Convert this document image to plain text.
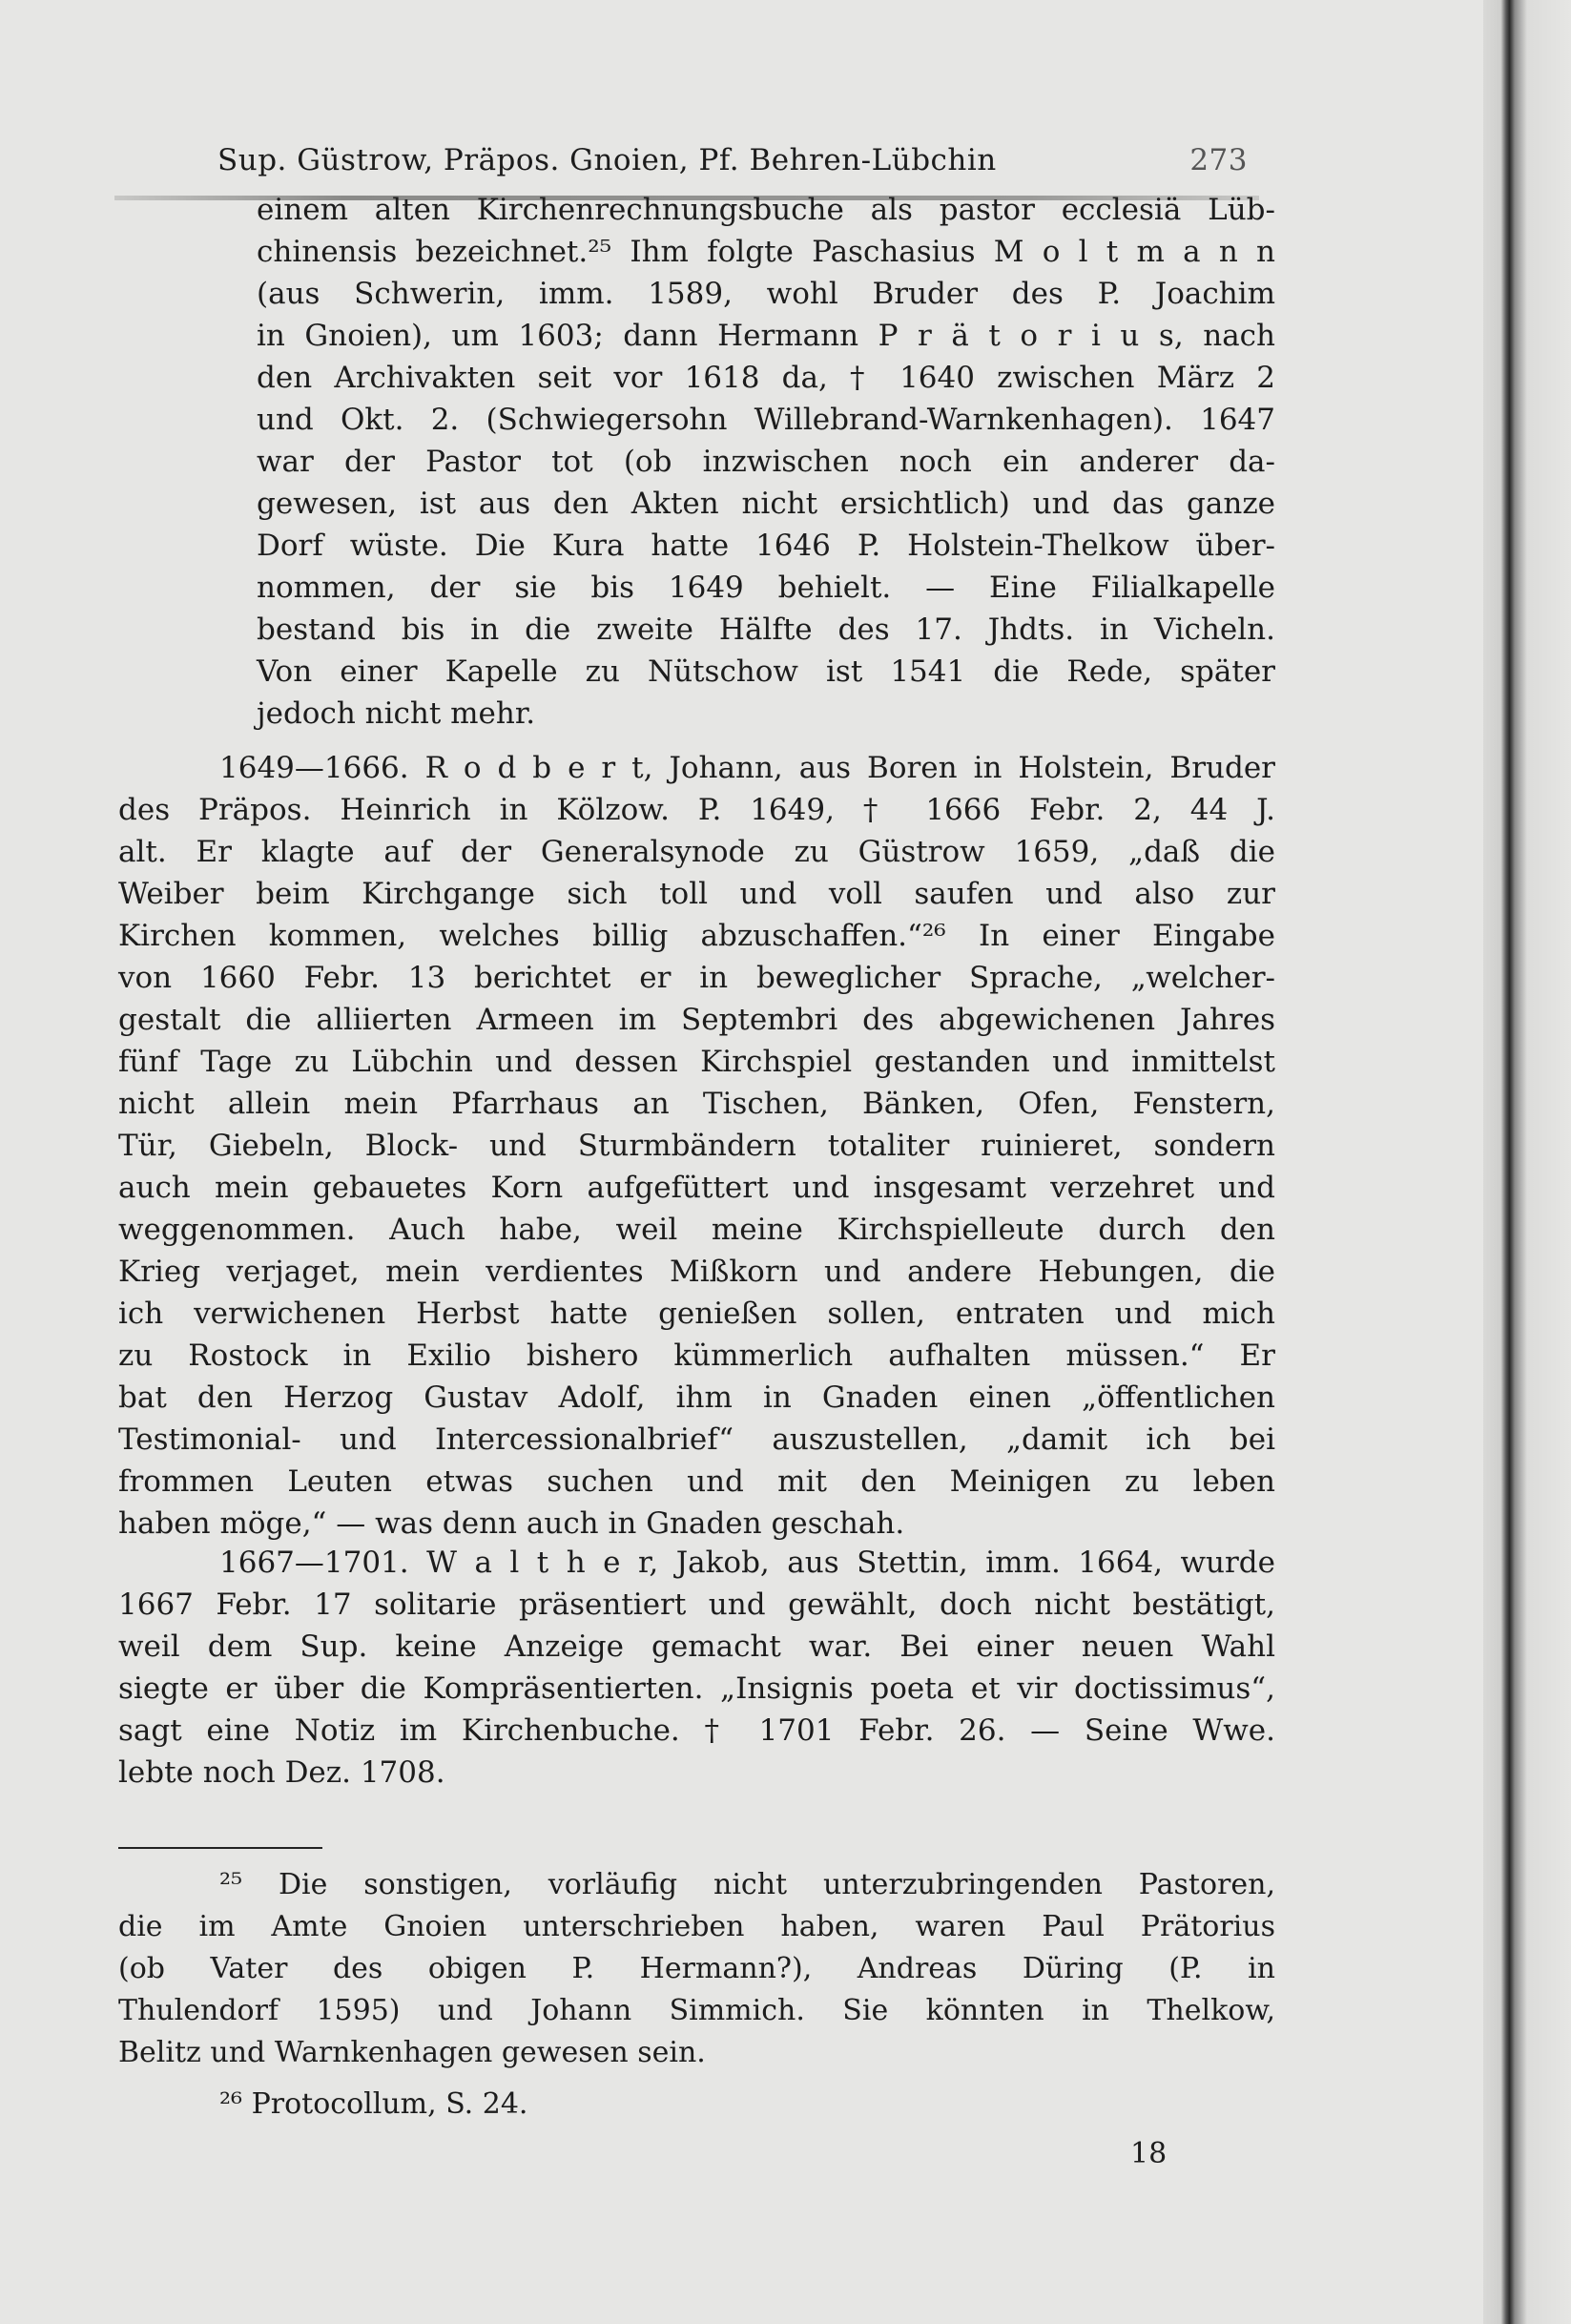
Sup. Güstrow, Präpos. Gnoien, Pf. Behren-Lübchin	273
einem alten Kirchenrechnungsbuche als pastor ecclesiä Lüb-
chinensis bezeichnet.²⁵ Ihm folgte Paschasius M o l t m a n n
(aus Schwerin, imm. 1589, wohl Bruder des P. Joachim
in Gnoien), um 1603; dann Hermann P r ä t o r i u s, nach
den Archivakten seit vor 1618 da, † 1640 zwischen März 2
und Okt. 2. (Schwiegersohn Willebrand-Warnkenhagen). 1647
war der Pastor tot (ob inzwischen noch ein anderer da-
gewesen, ist aus den Akten nicht ersichtlich) und das ganze
Dorf wüste. Die Kura hatte 1646 P. Holstein-Thelkow über-
nommen, der sie bis 1649 behielt. — Eine Filialkapelle
bestand bis in die zweite Hälfte des 17. Jhdts. in Vicheln.
Von einer Kapelle zu Nütschow ist 1541 die Rede, später
jedoch nicht mehr.
1649—1666. R o d b e r t, Johann, aus Boren in Holstein, Bruder
des Präpos. Heinrich in Kölzow. P. 1649, † 1666 Febr. 2, 44 J.
alt. Er klagte auf der Generalsynode zu Güstrow 1659, „daß die
Weiber beim Kirchgange sich toll und voll saufen und also zur
Kirchen kommen, welches billig abzuschaffen.“²⁶ In einer Eingabe
von 1660 Febr. 13 berichtet er in beweglicher Sprache, „welcher-
gestalt die alliierten Armeen im Septembri des abgewichenen Jahres
fünf Tage zu Lübchin und dessen Kirchspiel gestanden und inmittelst
nicht allein mein Pfarrhaus an Tischen, Bänken, Ofen, Fenstern,
Tür, Giebeln, Block- und Sturmbändern totaliter ruinieret, sondern
auch mein gebauetes Korn aufgefüttert und insgesamt verzehret und
weggenommen. Auch habe, weil meine Kirchspielleute durch den
Krieg verjaget, mein verdientes Mißkorn und andere Hebungen, die
ich verwichenen Herbst hatte genießen sollen, entraten und mich
zu Rostock in Exilio bishero kümmerlich aufhalten müssen.“ Er
bat den Herzog Gustav Adolf, ihm in Gnaden einen „öffentlichen
Testimonial- und Intercessionalbrief“ auszustellen, „damit ich bei
frommen Leuten etwas suchen und mit den Meinigen zu leben
haben möge,“ — was denn auch in Gnaden geschah.
1667—1701. W a l t h e r, Jakob, aus Stettin, imm. 1664, wurde
1667 Febr. 17 solitarie präsentiert und gewählt, doch nicht bestätigt,
weil dem Sup. keine Anzeige gemacht war. Bei einer neuen Wahl
siegte er über die Kompräsentierten. „Insignis poeta et vir doctissimus“,
sagt eine Notiz im Kirchenbuche. † 1701 Febr. 26. — Seine Wwe.
lebte noch Dez. 1708.
²⁵ Die sonstigen, vorläufig nicht unterzubringenden Pastoren,
die im Amte Gnoien unterschrieben haben, waren Paul Prätorius
(ob Vater des obigen P. Hermann?), Andreas Düring (P. in
Thulendorf 1595) und Johann Simmich. Sie könnten in Thelkow,
Belitz und Warnkenhagen gewesen sein.
²⁶ Protocollum, S. 24.
18
